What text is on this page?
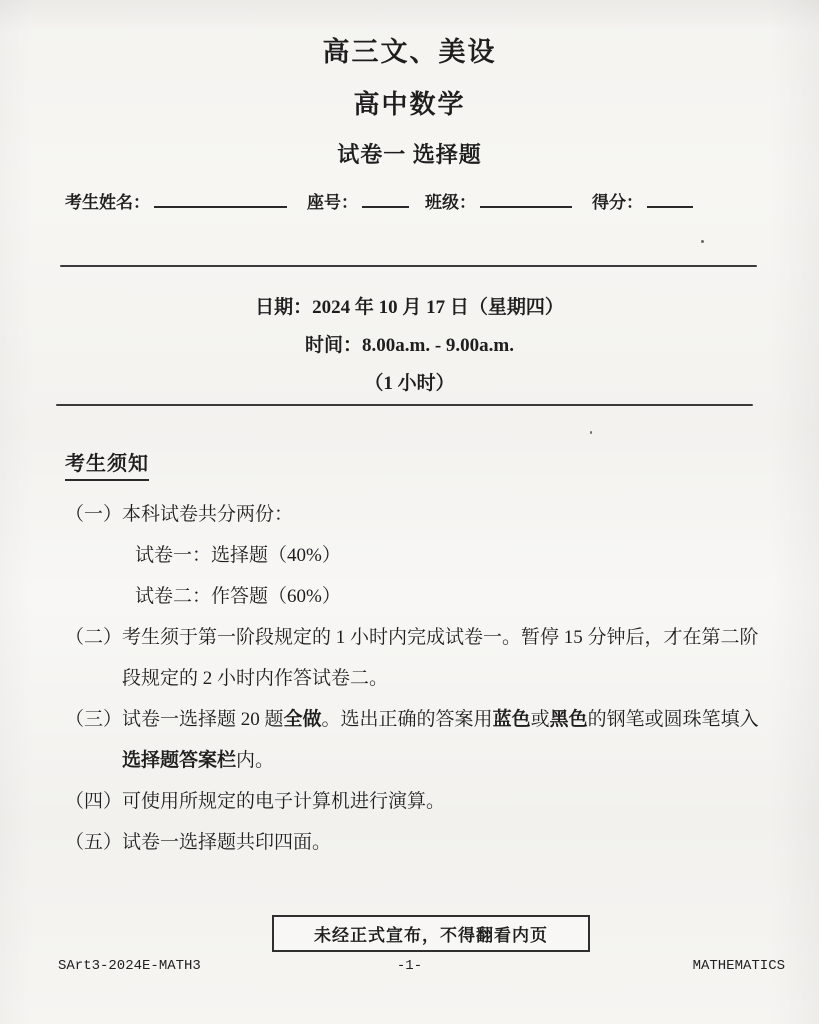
高三文、美设
高中数学
试卷一 选择题
考生姓名：	座号：	班级：	得分：
日期：2024 年 10 月 17 日（星期四）
时间：8.00a.m. - 9.00a.m.
（1 小时）
考生须知
（一） 本科试卷共分两份：
试卷一：选择题（40%）
试卷二：作答题（60%）
（二） 考生须于第一阶段规定的 1 小时内完成试卷一。暂停 15 分钟后，才在第二阶段规定的 2 小时内作答试卷二。
（三） 试卷一选择题 20 题全做。选出正确的答案用蓝色或黑色的钢笔或圆珠笔填入选择题答案栏内。
（四） 可使用所规定的电子计算机进行演算。
（五） 试卷一选择题共印四面。
未经正式宣布，不得翻看内页
SArt3-2024E-MATH3	-1-	MATHEMATICS
